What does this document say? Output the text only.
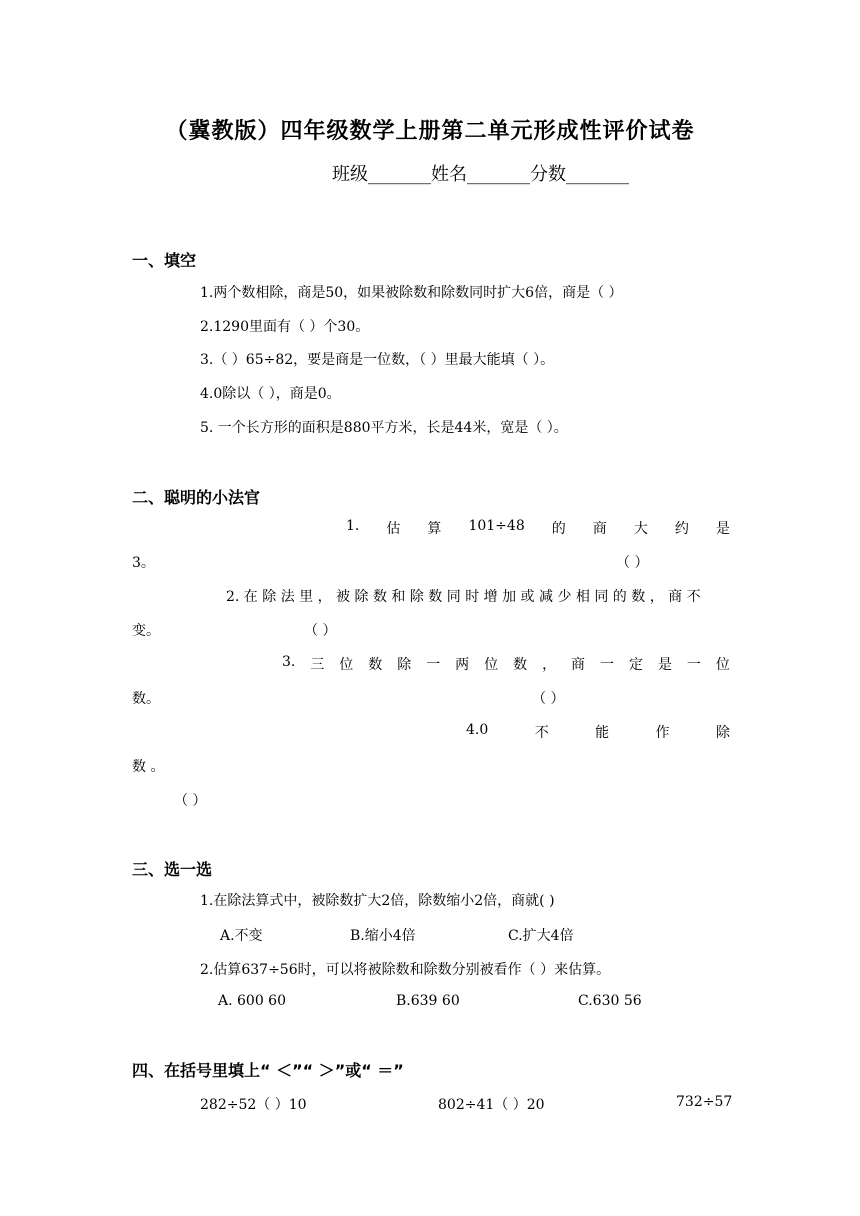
（冀教版）四年级数学上册第二单元形成性评价试卷
班级_______姓名_______分数_______
一、填空
1.两个数相除，商是50，如果被除数和除数同时扩大6倍，商是（ ）
2.1290里面有（ ）个30。
3.（ ）65÷82，要是商是一位数，（ ）里最大能填（ ）。
4.0除以（ ），商是0。
5. 一个长方形的面积是880平方米，长是44米，宽是（ ）。
二、聪明的小法官
1. 估 算 101÷48 的 商 大 约 是
3。	（ ）
2. 在 除 法 里 ， 被 除 数 和 除 数 同 时 增 加 或 减 少 相 同 的 数 ， 商 不
变。	（ ）
3. 三 位 数 除 一 两 位 数 ， 商 一 定 是 一 位
数。	（ ）
4.0	不	能	作	除
数 。
（ ）
三、选一选
1.在除法算式中，被除数扩大2倍，除数缩小2倍，商就( )
A.不变	B.缩小4倍	C.扩大4倍
2.估算637÷56时，可以将被除数和除数分别被看作（ ）来估算。
A. 600 60	B.639 60	C.630 56
四、在括号里填上“ ＜”“ ＞”或“ ＝”
282÷52（ ）10	802÷41（ ）20	732÷57
